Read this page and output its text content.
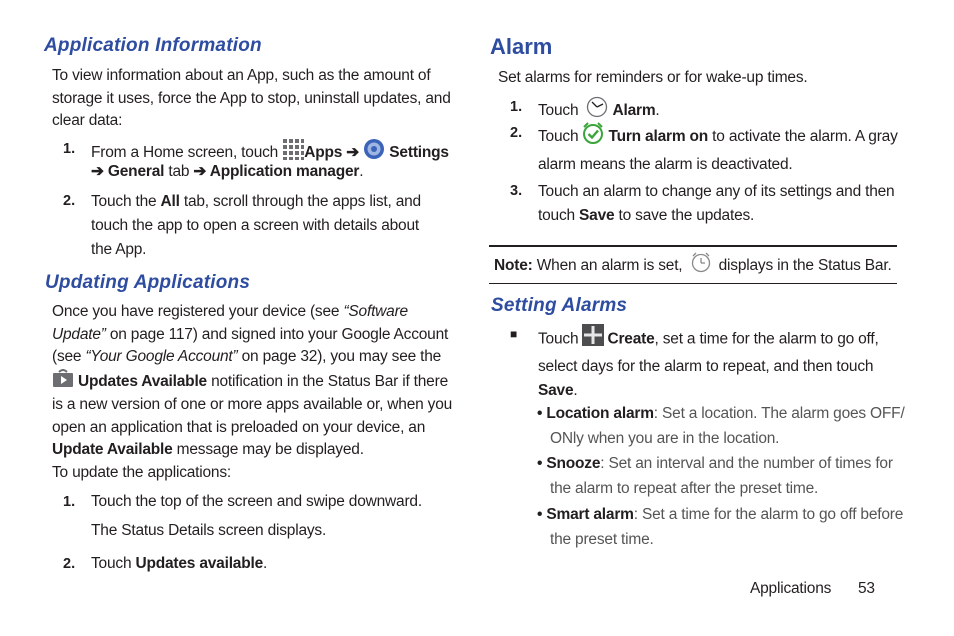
Application Information
To view information about an App, such as the amount of
storage it uses, force the App to stop, uninstall updates, and
clear data:
1. From a Home screen, touch Apps ➔  Settings
➔ General tab ➔ Application manager.
2. Touch the All tab, scroll through the apps list, and
touch the app to open a screen with details about
the App.
Updating Applications
Once you have registered your device (see “Software
Update” on page 117) and signed into your Google Account
(see “Your Google Account” on page 32), you may see the
Updates Available notification in the Status Bar if there
is a new version of one or more apps available or, when you
open an application that is preloaded on your device, an
Update Available message may be displayed.
To update the applications:
1. Touch the top of the screen and swipe downward.
The Status Details screen displays.
2. Touch Updates available.
Alarm
Set alarms for reminders or for wake-up times.
1. Touch Alarm.
2. Touch Turn alarm on to activate the alarm. A gray
alarm means the alarm is deactivated.
3. Touch an alarm to change any of its settings and then
touch Save to save the updates.
Note: When an alarm is set,  displays in the Status Bar.
Setting Alarms
■ Touch Create, set a time for the alarm to go off,
select days for the alarm to repeat, and then touch
Save.
• Location alarm: Set a location. The alarm goes OFF/
ONly when you are in the location.
• Snooze: Set an interval and the number of times for
the alarm to repeat after the preset time.
• Smart alarm: Set a time for the alarm to go off before
the preset time.
Applications 53
